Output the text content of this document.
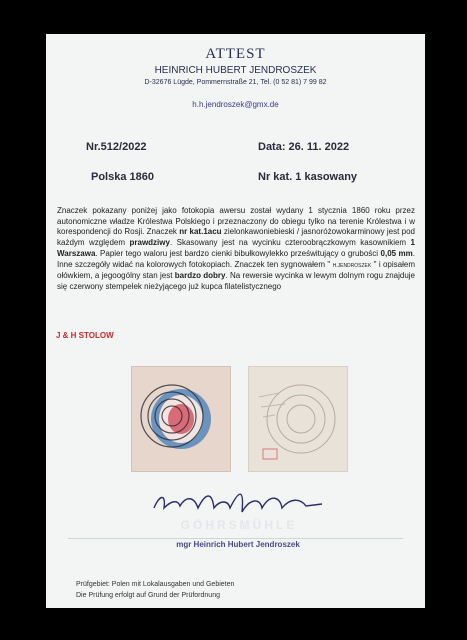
ATTEST
HEINRICH HUBERT JENDROSZEK
D-32676 Lügde, Pommernstraße 21, Tel. (0 52 81) 7 99 82
h.h.jendroszek@gmx.de
Nr.512/2022	Data: 26. 11. 2022
Polska 1860	Nr kat. 1 kasowany
Znaczek pokazany poniżej jako fotokopia awersu został wydany 1 stycznia 1860 roku przez autonomiczne władze Królestwa Polskiego i przeznaczony do obiegu tylko na terenie Królestwa i w korespondencji do Rosji. Znaczek nr kat.1acu zielonkawoniebieski / jasnoróżowokarminowy jest pod każdym względem prawdziwy. Skasowany jest na wycinku czteroobrączkowym kasownikiem 1 Warszawa. Papier tego waloru jest bardzo cienki bibułkowylekko prześwitujący o grubości 0,05 mm. Inne szczegóły widać na kolorowych fotokopiach. Znaczek ten sygnowałem " H.JENDROSZEK " i opisałem ołówkiem, a jegoogólny stan jest bardzo dobry. Na rewersie wycinka w lewym dolnym rogu znajduje się czerwony stempelek nieżyjącego już kupca filatelistycznego
J & H STOLOW
GÖHRSMÜHLE
mgr Heinrich Hubert Jendroszek
Prüfgebiet: Polen mit Lokalausgaben und Gebieten
Die Prüfung erfolgt auf Grund der Prüfordnung
